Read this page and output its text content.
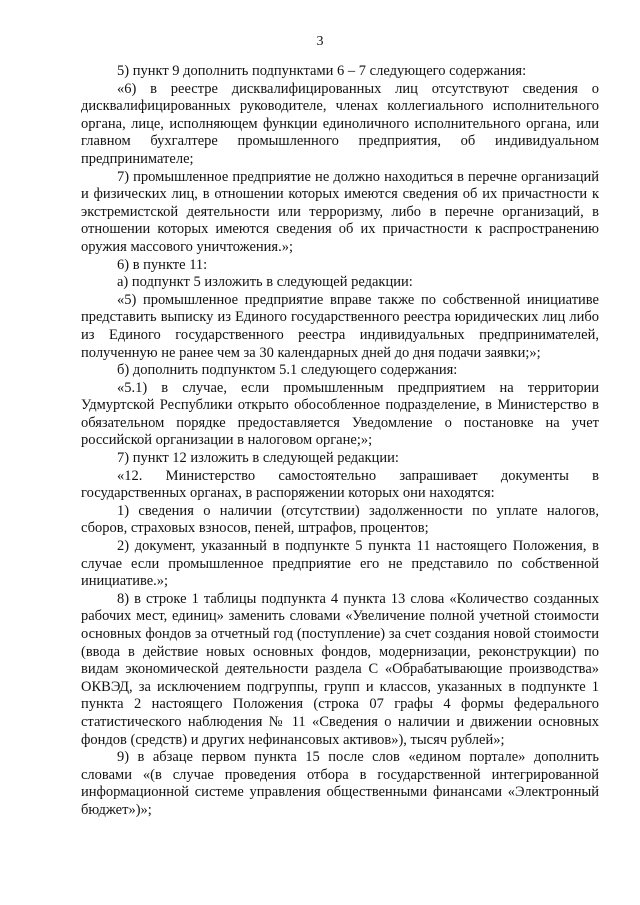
3

5) пункт 9 дополнить подпунктами 6 – 7 следующего содержания:

«6) в реестре дисквалифицированных лиц отсутствуют сведения о дисквалифицированных руководителе, членах коллегиального исполнительного органа, лице, исполняющем функции единоличного исполнительного органа, или главном бухгалтере промышленного предприятия, об индивидуальном предпринимателе;

7) промышленное предприятие не должно находиться в перечне организаций и физических лиц, в отношении которых имеются сведения об их причастности к экстремистской деятельности или терроризму, либо в перечне организаций, в отношении которых имеются сведения об их причастности к распространению оружия массового уничтожения.»;

6) в пункте 11:

а) подпункт 5 изложить в следующей редакции:

«5) промышленное предприятие вправе также по собственной инициативе представить выписку из Единого государственного реестра юридических лиц либо из Единого государственного реестра индивидуальных предпринимателей, полученную не ранее чем за 30 календарных дней до дня подачи заявки;»;

б) дополнить подпунктом 5.1 следующего содержания:

«5.1) в случае, если промышленным предприятием на территории Удмуртской Республики открыто обособленное подразделение, в Министерство в обязательном порядке предоставляется Уведомление о постановке на учет российской организации в налоговом органе;»;

7) пункт 12 изложить в следующей редакции:

«12. Министерство самостоятельно запрашивает документы в государственных органах, в распоряжении которых они находятся:

1) сведения о наличии (отсутствии) задолженности по уплате налогов, сборов, страховых взносов, пеней, штрафов, процентов;

2) документ, указанный в подпункте 5 пункта 11 настоящего Положения, в случае если промышленное предприятие его не представило по собственной инициативе.»;

8) в строке 1 таблицы подпункта 4 пункта 13 слова «Количество созданных рабочих мест, единиц» заменить словами «Увеличение полной учетной стоимости основных фондов за отчетный год (поступление) за счет создания новой стоимости (ввода в действие новых основных фондов, модернизации, реконструкции) по видам экономической деятельности раздела С «Обрабатывающие производства» ОКВЭД, за исключением подгруппы, групп и классов, указанных в подпункте 1 пункта 2 настоящего Положения (строка 07 графы 4 формы федерального статистического наблюдения № 11 «Сведения о наличии и движении основных фондов (средств) и других нефинансовых активов»), тысяч рублей»;

9) в абзаце первом пункта 15 после слов «едином портале» дополнить словами «(в случае проведения отбора в государственной интегрированной информационной системе управления общественными финансами «Электронный бюджет»)»;
